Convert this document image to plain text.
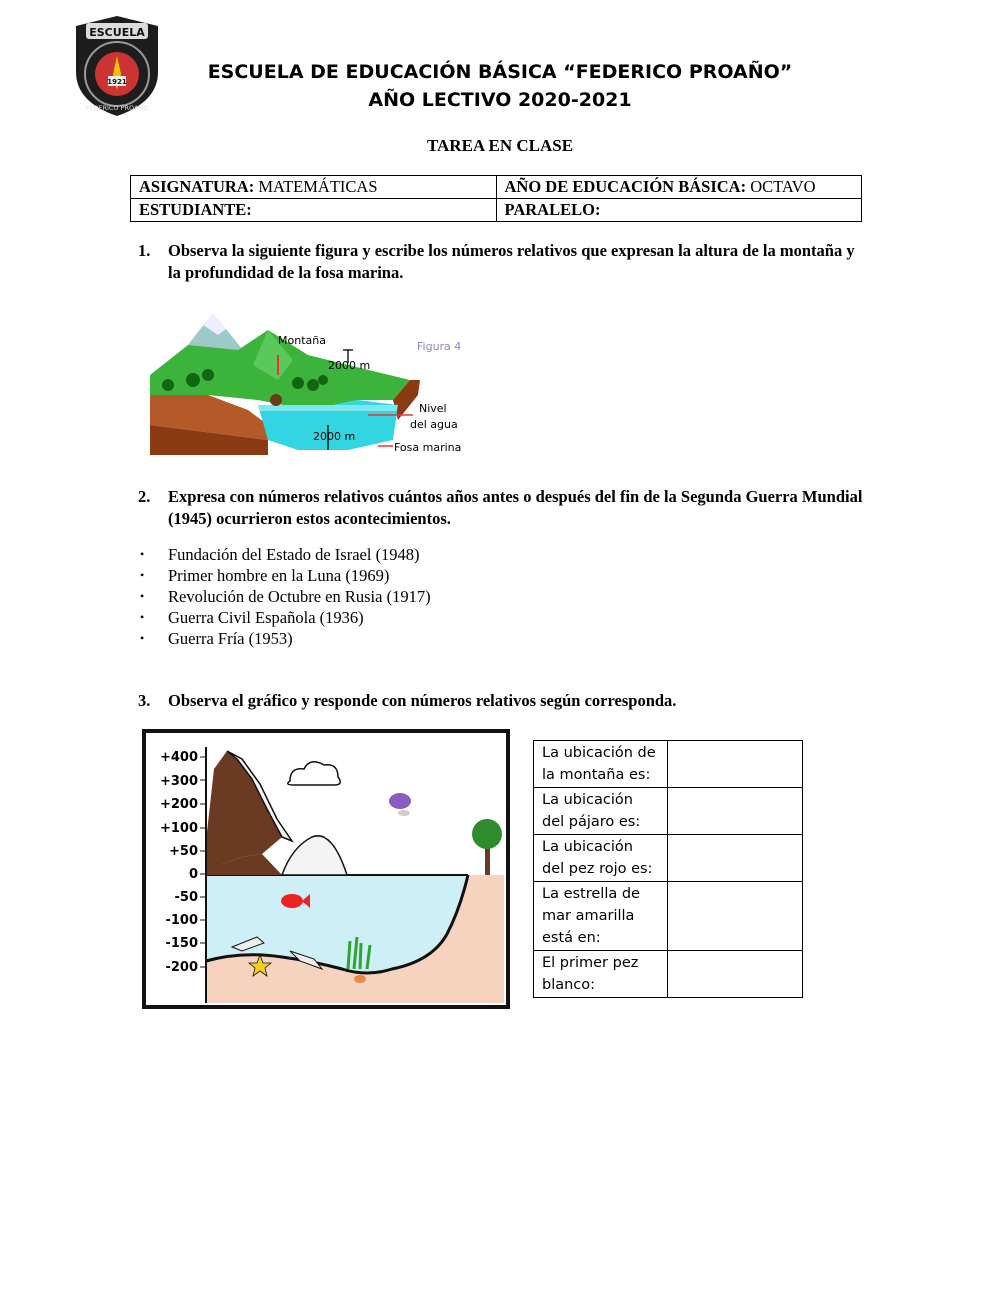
ESCUELA
1921
FEDERICO PROAÑO
ESCUELA DE EDUCACIÓN BÁSICA “FEDERICO PROAÑO”
AÑO LECTIVO 2020-2021
TAREA EN CLASE
ASIGNATURA: MATEMÁTICAS	AÑO DE EDUCACIÓN BÁSICA: OCTAVO
ESTUDIANTE:	PARALELO:
1. Observa la siguiente figura y escribe los números relativos que expresan la altura de la montaña y la profundidad de la fosa marina.
Montaña
2000 m
Figura 4
Nivel
del agua
2000 m
Fosa marina
2. Expresa con números relativos cuántos años antes o después del fin de la Segunda Guerra Mundial (1945) ocurrieron estos acontecimientos.
• Fundación del Estado de Israel (1948)
• Primer hombre en la Luna (1969)
• Revolución de Octubre en Rusia (1917)
• Guerra Civil Española (1936)
• Guerra Fría (1953)
3. Observa el gráfico y responde con números relativos según corresponda.
+400
+300
+200
+100
+50
0
-50
-100
-150
-200
La ubicación de la montaña es:	
La ubicación del pájaro es:	
La ubicación del pez rojo es:	
La estrella de mar amarilla está en:	
El primer pez blanco:	
